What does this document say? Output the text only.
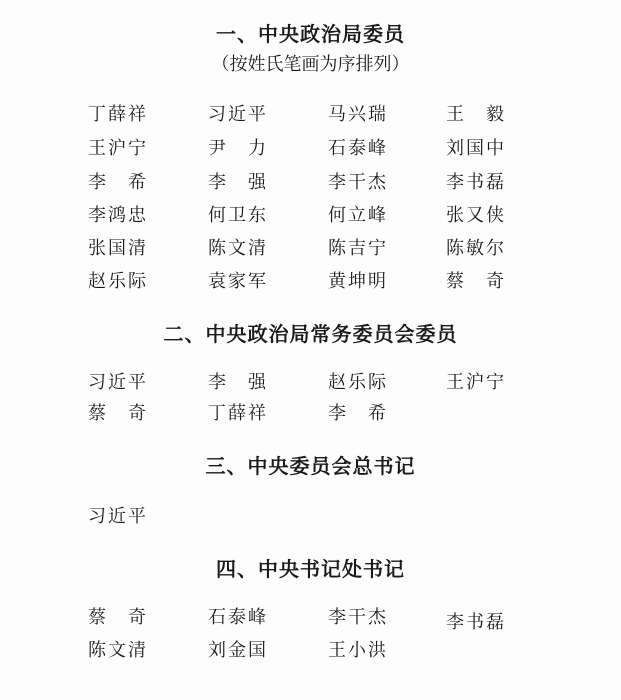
一、中央政治局委员
（按姓氏笔画为序排列）
丁薛祥	习近平	马兴瑞	王　毅
王沪宁	尹　力	石泰峰	刘国中
李　希	李　强	李干杰	李书磊
李鸿忠	何卫东	何立峰	张又侠
张国清	陈文清	陈吉宁	陈敏尔
赵乐际	袁家军	黄坤明	蔡　奇
二、中央政治局常务委员会委员
习近平	李　强	赵乐际	王沪宁
蔡　奇	丁薛祥	李　希
三、中央委员会总书记
习近平
四、中央书记处书记
蔡　奇	石泰峰	李干杰	李书磊
陈文清	刘金国	王小洪
